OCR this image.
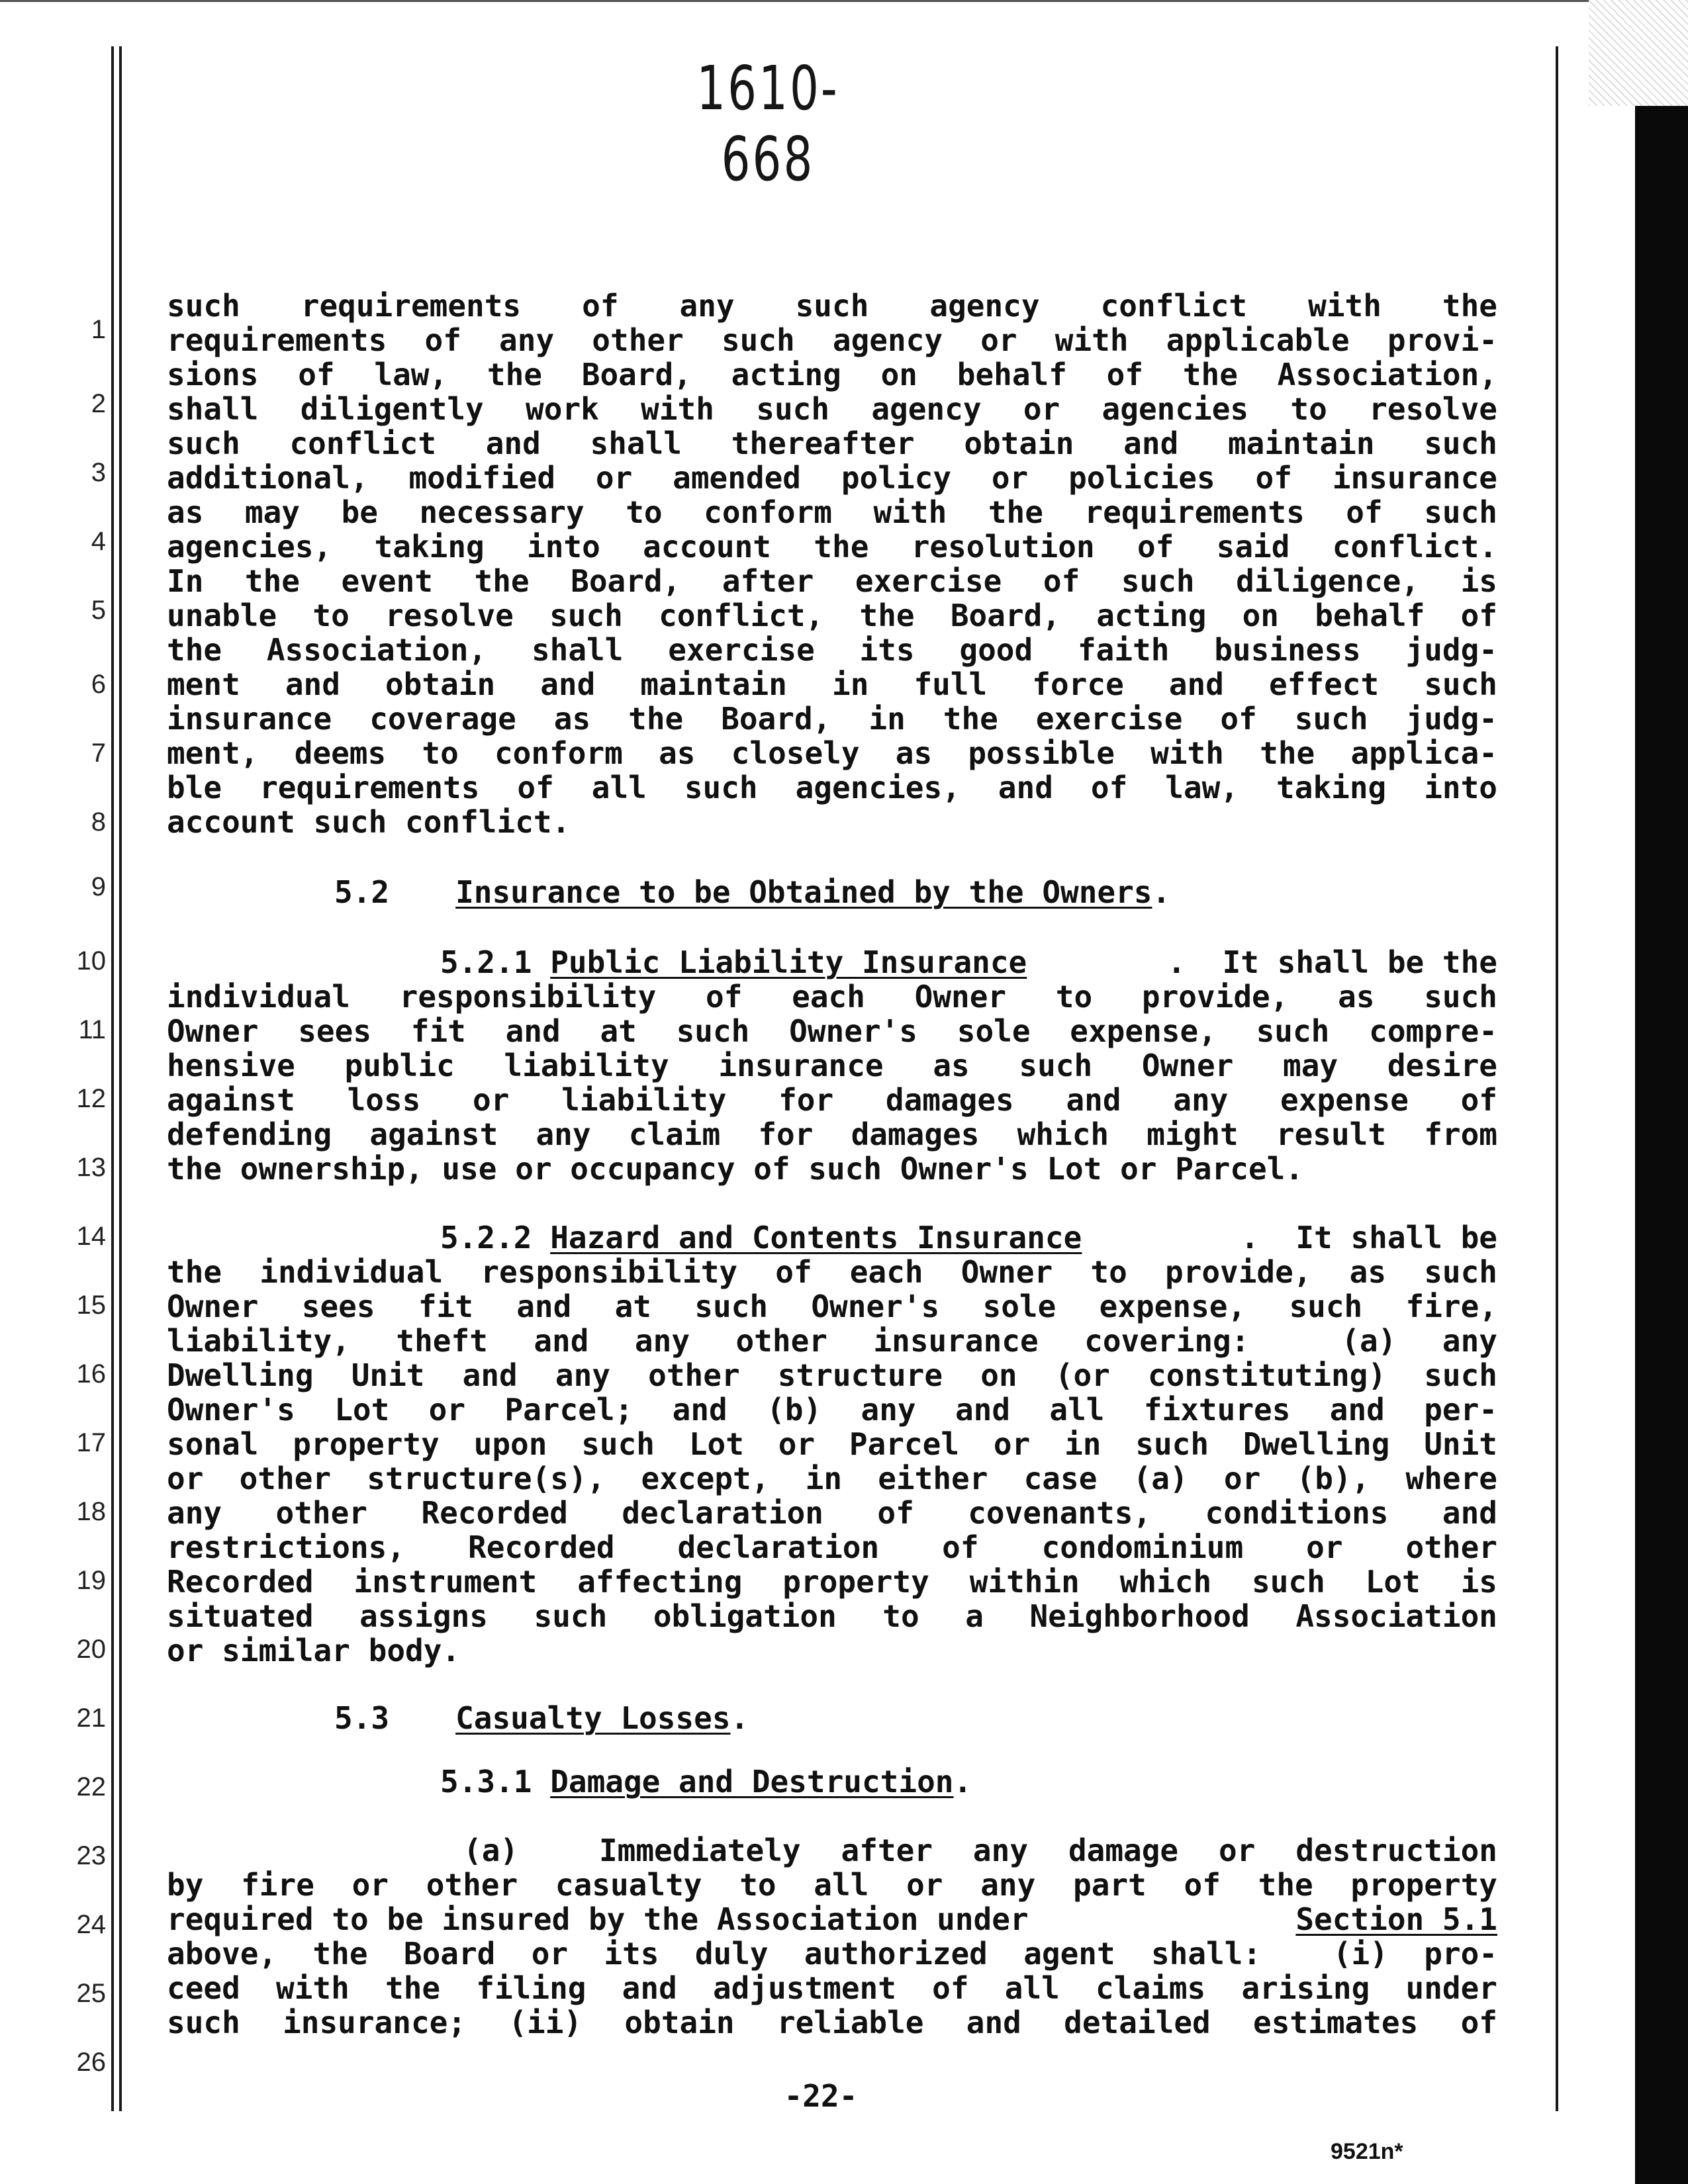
1610-668
1
2
3
4
5
6
7
8
9
10
11
12
13
14
15
16
17
18
19
20
21
22
23
24
25
26
such requirements of any such agency conflict with the
requirements of any other such agency or with applicable provi-
sions of law, the Board, acting on behalf of the Association,
shall diligently work with such agency or agencies to resolve
such conflict and shall thereafter obtain and maintain such
additional, modified or amended policy or policies of insurance
as may be necessary to conform with the requirements of such
agencies, taking into account the resolution of said conflict.
In the event the Board, after exercise of such diligence, is
unable to resolve such conflict, the Board, acting on behalf of
the Association, shall exercise its good faith business judg-
ment and obtain and maintain in full force and effect such
insurance coverage as the Board, in the exercise of such judg-
ment, deems to conform as closely as possible with the applica-
ble requirements of all such agencies, and of law, taking into
account such conflict.
5.2 Insurance to be Obtained by the Owners.
5.2.1 Public Liability Insurance	.  It shall be the
individual responsibility of each Owner to provide, as such
Owner sees fit and at such Owner's sole expense, such compre-
hensive public liability insurance as such Owner may desire
against loss or liability for damages and any expense of
defending against any claim for damages which might result from
the ownership, use or occupancy of such Owner's Lot or Parcel.
5.2.2 Hazard and Contents Insurance	.  It shall be
the individual responsibility of each Owner to provide, as such
Owner sees fit and at such Owner's sole expense, such fire,
liability, theft and any other insurance covering:  (a) any
Dwelling Unit and any other structure on (or constituting) such
Owner's Lot or Parcel; and (b) any and all fixtures and per-
sonal property upon such Lot or Parcel or in such Dwelling Unit
or other structure(s), except, in either case (a) or (b), where
any other Recorded declaration of covenants, conditions and
restrictions, Recorded declaration of condominium or other
Recorded instrument affecting property within which such Lot is
situated assigns such obligation to a Neighborhood Association
or similar body.
5.3 Casualty Losses.
5.3.1 Damage and Destruction.
(a)  Immediately after any damage or destruction
by fire or other casualty to all or any part of the property
required to be insured by the Association under	Section 5.1
above, the Board or its duly authorized agent shall:  (i) pro-
ceed with the filing and adjustment of all claims arising under
such insurance; (ii) obtain reliable and detailed estimates of
-22-
9521n*
